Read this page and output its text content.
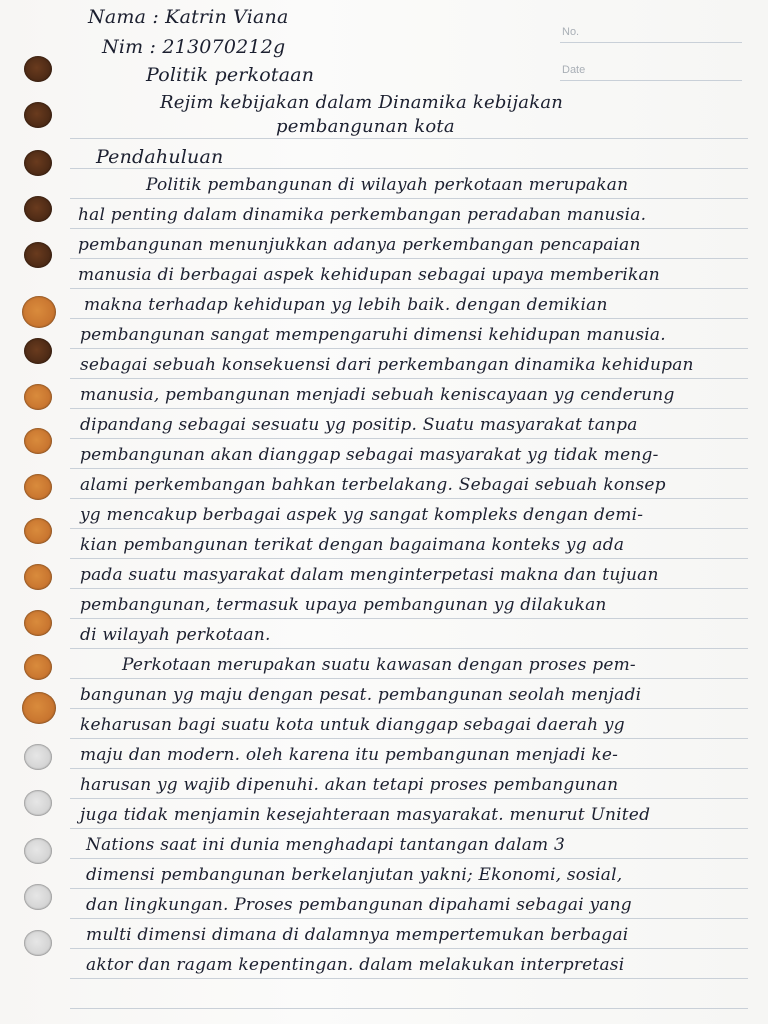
No.
Date
Nama : Katrin Viana
Nim : 213070212g
Politik perkotaan
Rejim kebijakan dalam Dinamika kebijakan
pembangunan kota
Pendahuluan
Politik pembangunan di wilayah perkotaan merupakan
hal penting dalam dinamika perkembangan peradaban manusia.
pembangunan menunjukkan adanya perkembangan pencapaian
manusia di berbagai aspek kehidupan sebagai upaya memberikan
makna terhadap kehidupan yg lebih baik. dengan demikian
pembangunan sangat mempengaruhi dimensi kehidupan manusia.
sebagai sebuah konsekuensi dari perkembangan dinamika kehidupan
manusia, pembangunan menjadi sebuah keniscayaan yg cenderung
dipandang sebagai sesuatu yg positip. Suatu masyarakat tanpa
pembangunan akan dianggap sebagai masyarakat yg tidak meng-
alami perkembangan bahkan terbelakang. Sebagai sebuah konsep
yg mencakup berbagai aspek yg sangat kompleks dengan demi-
kian pembangunan terikat dengan bagaimana konteks yg ada
pada suatu masyarakat dalam menginterpetasi makna dan tujuan
pembangunan, termasuk upaya pembangunan yg dilakukan
di wilayah perkotaan.
Perkotaan merupakan suatu kawasan dengan proses pem-
bangunan yg maju dengan pesat. pembangunan seolah menjadi
keharusan bagi suatu kota untuk dianggap sebagai daerah yg
maju dan modern. oleh karena itu pembangunan menjadi ke-
harusan yg wajib dipenuhi. akan tetapi proses pembangunan
juga tidak menjamin kesejahteraan masyarakat. menurut United
Nations saat ini dunia menghadapi tantangan dalam 3
dimensi pembangunan berkelanjutan yakni; Ekonomi, sosial,
dan lingkungan. Proses pembangunan dipahami sebagai yang
multi dimensi dimana di dalamnya mempertemukan berbagai
aktor dan ragam kepentingan. dalam melakukan interpretasi
